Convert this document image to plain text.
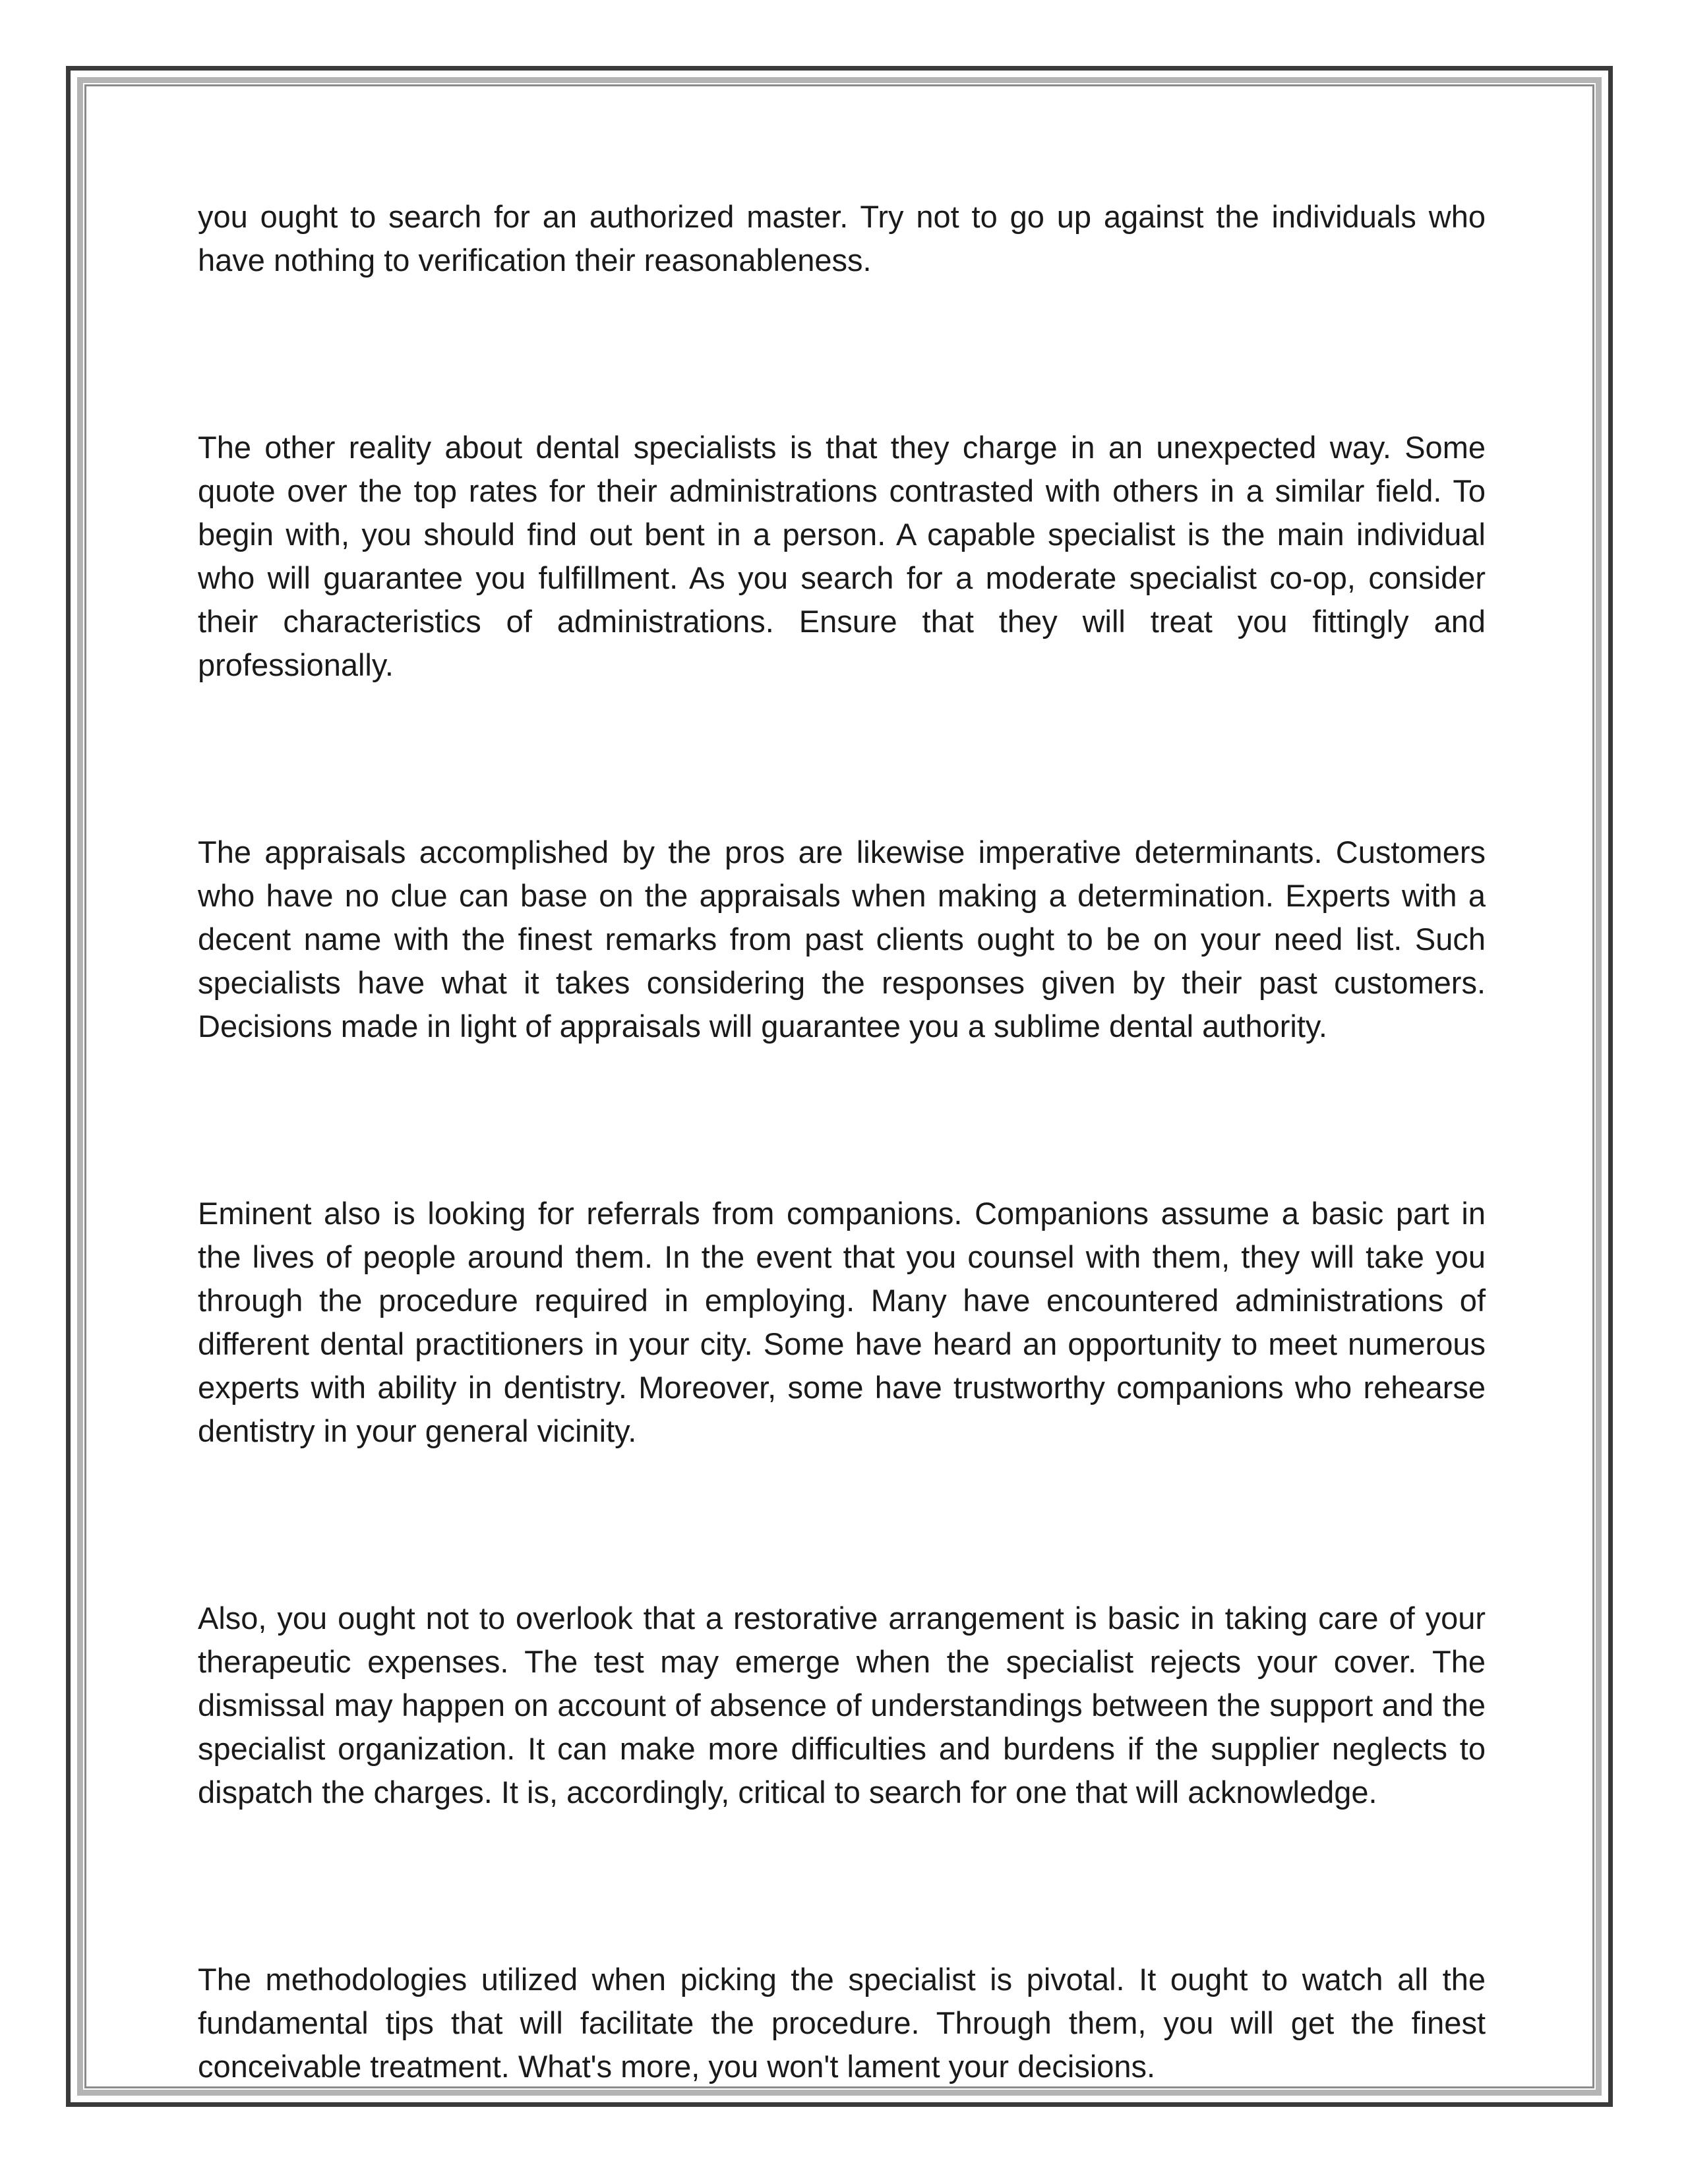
you ought to search for an authorized master. Try not to go up against the individuals who have nothing to verification their reasonableness.

The other reality about dental specialists is that they charge in an unexpected way. Some quote over the top rates for their administrations contrasted with others in a similar field. To begin with, you should find out bent in a person. A capable specialist is the main individual who will guarantee you fulfillment. As you search for a moderate specialist co-op, consider their characteristics of administrations. Ensure that they will treat you fittingly and professionally.

The appraisals accomplished by the pros are likewise imperative determinants. Customers who have no clue can base on the appraisals when making a determination. Experts with a decent name with the finest remarks from past clients ought to be on your need list. Such specialists have what it takes considering the responses given by their past customers. Decisions made in light of appraisals will guarantee you a sublime dental authority.

Eminent also is looking for referrals from companions. Companions assume a basic part in the lives of people around them. In the event that you counsel with them, they will take you through the procedure required in employing. Many have encountered administrations of different dental practitioners in your city. Some have heard an opportunity to meet numerous experts with ability in dentistry. Moreover, some have trustworthy companions who rehearse dentistry in your general vicinity.

Also, you ought not to overlook that a restorative arrangement is basic in taking care of your therapeutic expenses. The test may emerge when the specialist rejects your cover. The dismissal may happen on account of absence of understandings between the support and the specialist organization. It can make more difficulties and burdens if the supplier neglects to dispatch the charges. It is, accordingly, critical to search for one that will acknowledge.

The methodologies utilized when picking the specialist is pivotal. It ought to watch all the fundamental tips that will facilitate the procedure. Through them, you will get the finest conceivable treatment. What's more, you won't lament your decisions.
